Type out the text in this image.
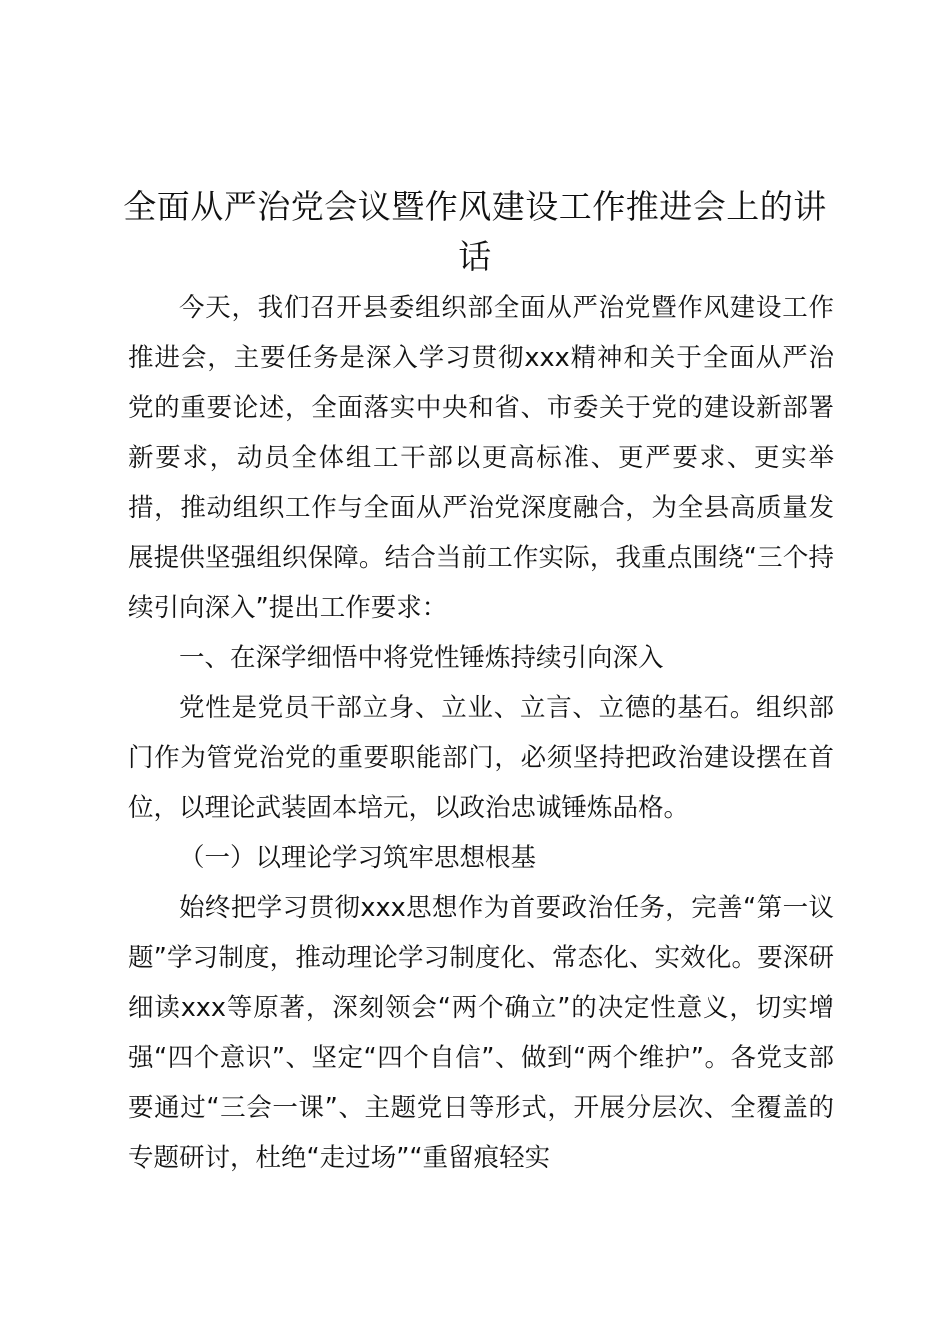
全面从严治党会议暨作风建设工作推进会上的讲话

今天，我们召开县委组织部全面从严治党暨作风建设工作推进会，主要任务是深入学习贯彻xxx精神和关于全面从严治党的重要论述，全面落实中央和省、市委关于党的建设新部署新要求，动员全体组工干部以更高标准、更严要求、更实举措，推动组织工作与全面从严治党深度融合，为全县高质量发展提供坚强组织保障。结合当前工作实际，我重点围绕“三个持续引向深入”提出工作要求：

一、在深学细悟中将党性锤炼持续引向深入

党性是党员干部立身、立业、立言、立德的基石。组织部门作为管党治党的重要职能部门，必须坚持把政治建设摆在首位，以理论武装固本培元，以政治忠诚锤炼品格。

（一）以理论学习筑牢思想根基

始终把学习贯彻xxx思想作为首要政治任务，完善“第一议题”学习制度，推动理论学习制度化、常态化、实效化。要深研细读xxx等原著，深刻领会“两个确立”的决定性意义，切实增强“四个意识”、坚定“四个自信”、做到“两个维护”。各党支部要通过“三会一课”、主题党日等形式，开展分层次、全覆盖的专题研讨，杜绝“走过场”“重留痕轻实
